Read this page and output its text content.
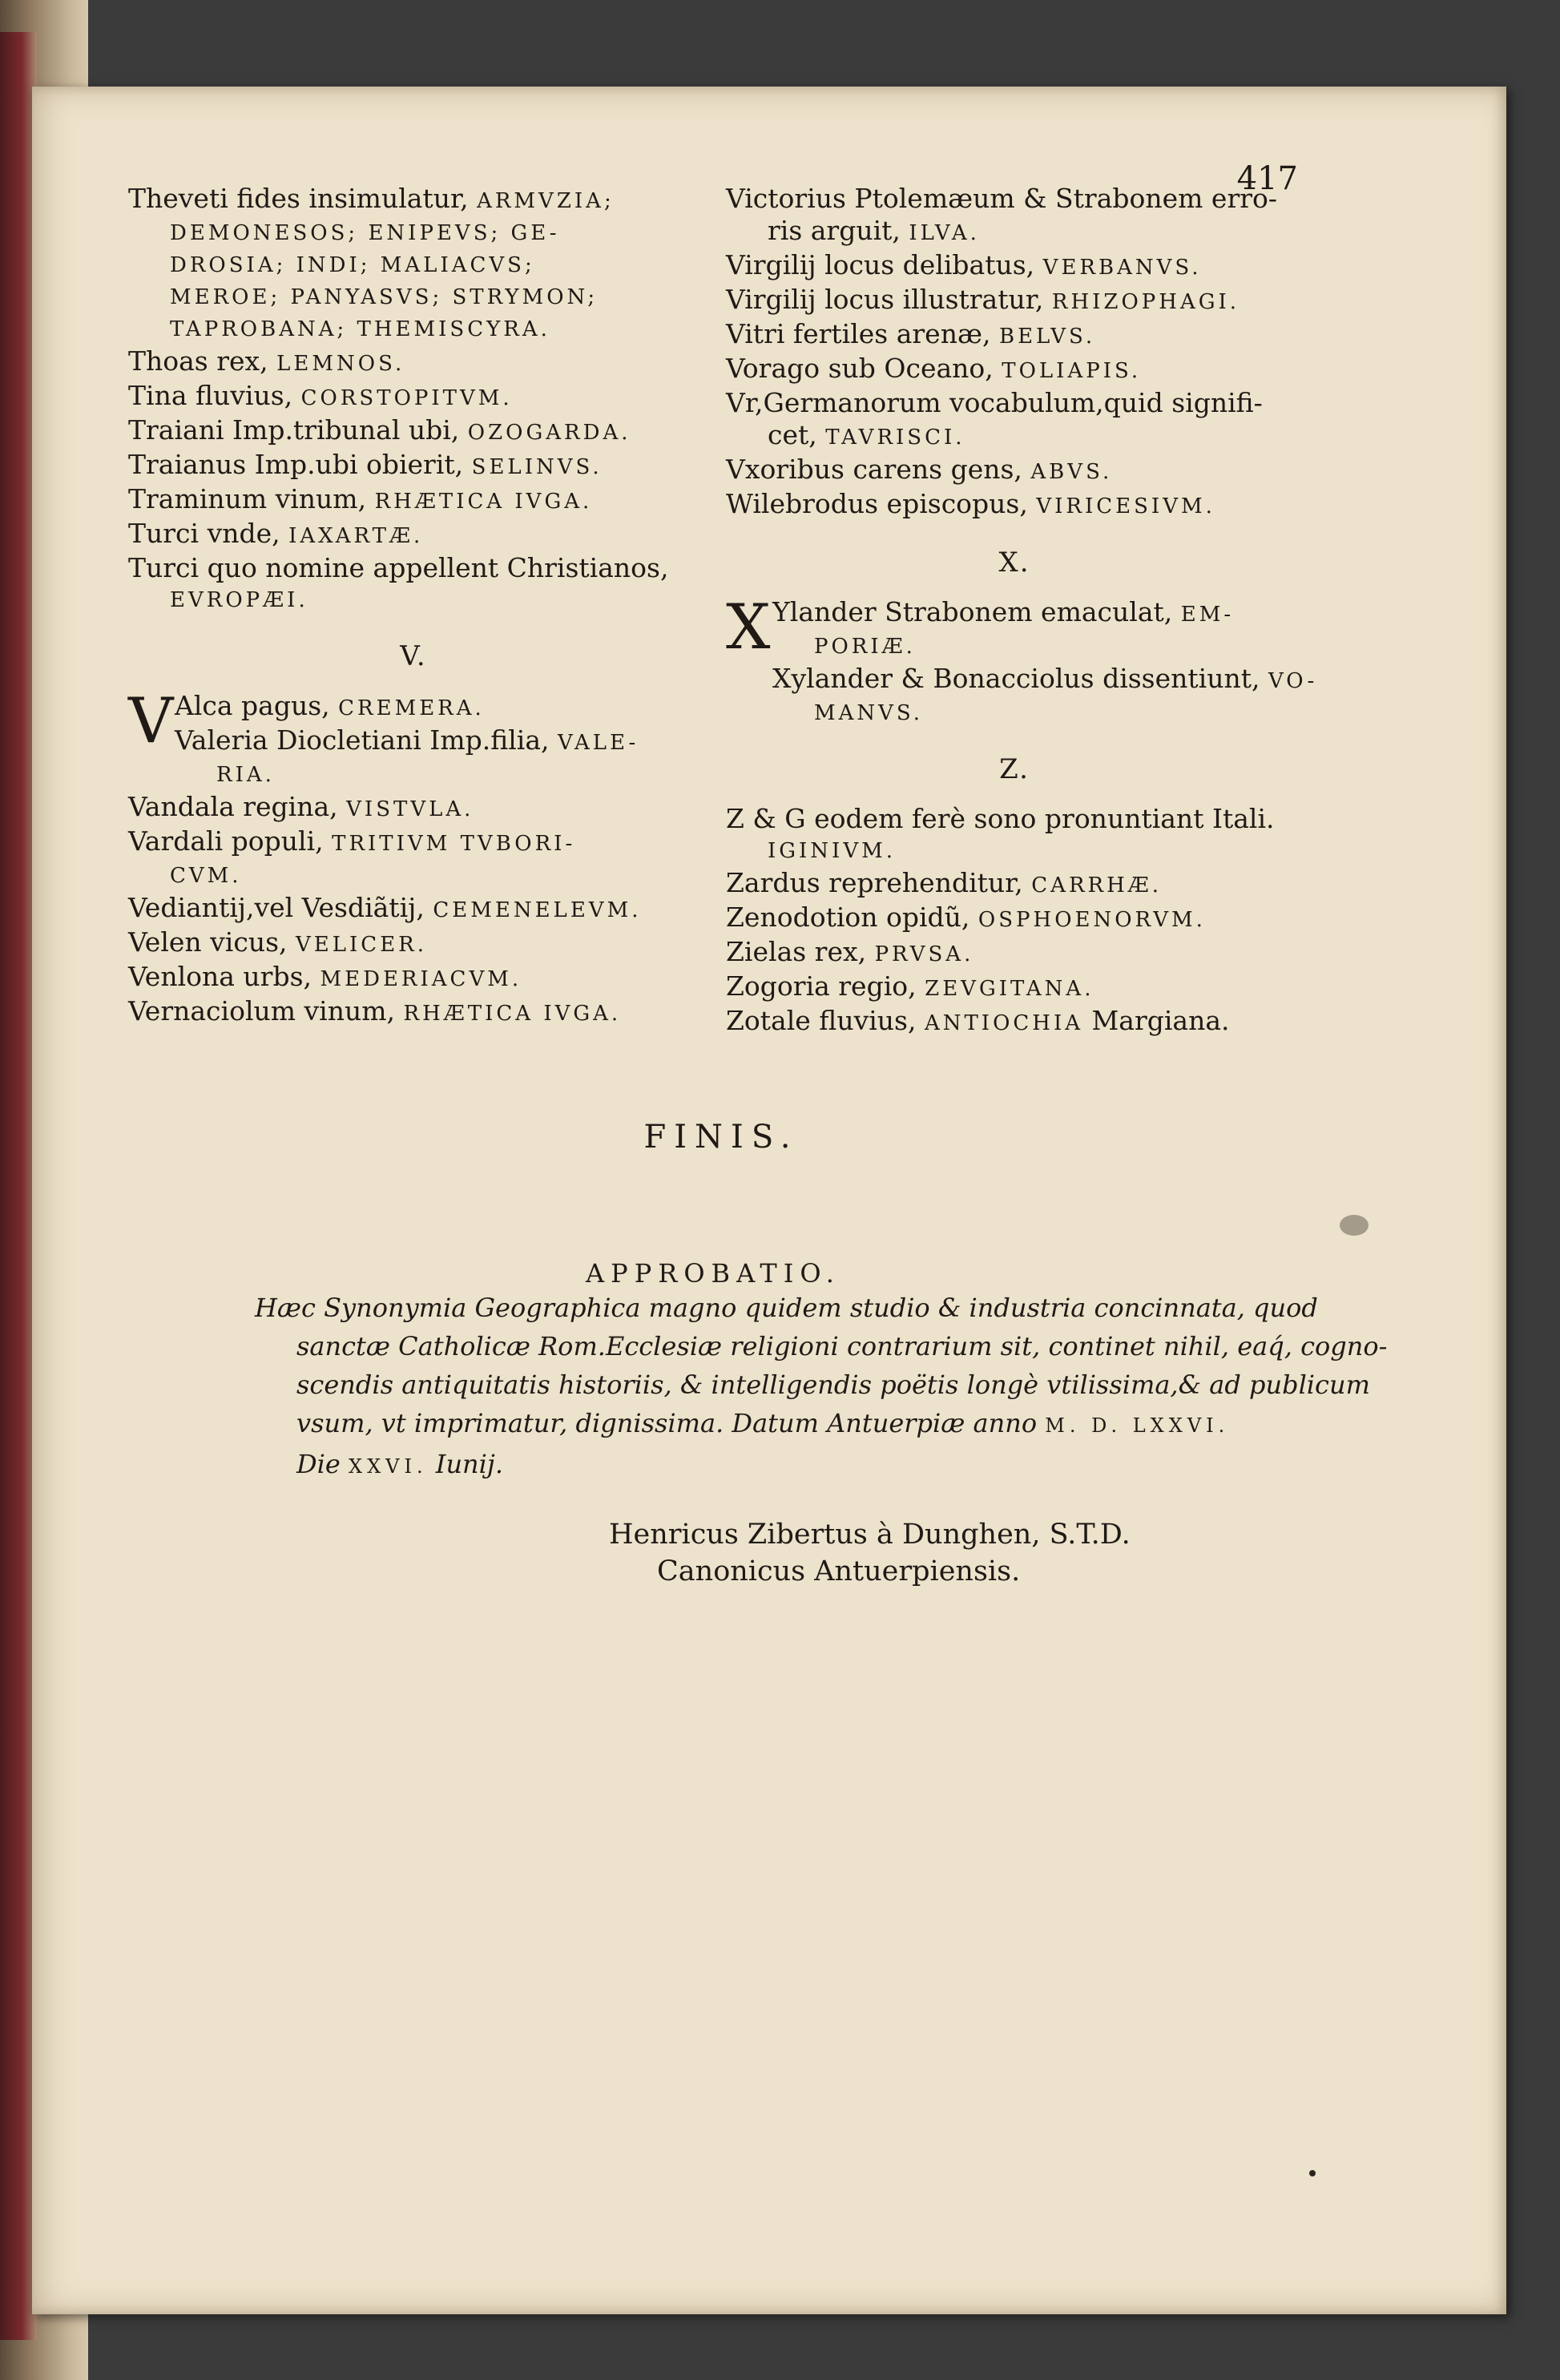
417
Theveti fides insimulatur, ARMVZIA;
DEMONESOS; ENIPEVS; GE-
DROSIA; INDI; MALIACVS;
MEROE; PANYASVS; STRYMON;
TAPROBANA; THEMISCYRA.
Thoas rex, LEMNOS.
Tina fluvius, CORSTOPITVM.
Traiani Imp.tribunal ubi, OZOGARDA.
Traianus Imp.ubi obierit, SELINVS.
Traminum vinum, RHÆTICA IVGA.
Turci vnde, IAXARTÆ.
Turci quo nomine appellent Christianos,
EVROPÆI.
V.
V Alca pagus, CREMERA.
Valeria Diocletiani Imp.filia, VALE-
RIA.
Vandala regina, VISTVLA.
Vardali populi, TRITIVM TVBORI-
CVM.
Vediantij,vel Vesdiãtij, CEMENELEVM.
Velen vicus, VELICER.
Venlona urbs, MEDERIACVM.
Vernaciolum vinum, RHÆTICA IVGA.
Victorius Ptolemæum & Strabonem erro-
ris arguit, ILVA.
Virgilij locus delibatus, VERBANVS.
Virgilij locus illustratur, RHIZOPHAGI.
Vitri fertiles arenæ, BELVS.
Vorago sub Oceano, TOLIAPIS.
Vr,Germanorum vocabulum,quid signifi-
cet, TAVRISCI.
Vxoribus carens gens, ABVS.
Wilebrodus episcopus, VIRICESIVM.
X.
X Ylander Strabonem emaculat, EM-
PORIÆ.
Xylander & Bonacciolus dissentiunt, VO-
MANVS.
Z.
Z & G eodem ferè sono pronuntiant Itali.
IGINIVM.
Zardus reprehenditur, CARRHÆ.
Zenodotion opidũ, OSPHOENORVM.
Zielas rex, PRVSA.
Zogoria regio, ZEVGITANA.
Zotale fluvius, ANTIOCHIA Margiana.
FINIS.
APPROBATIO.
Hæc Synonymia Geographica magno quidem studio & industria concinnata, quod
sanctæ Catholicæ Rom.Ecclesiæ religioni contrarium sit, continet nihil, eaq́, cogno-
scendis antiquitatis historiis, & intelligendis poëtis longè vtilissima,& ad publicum
vsum, vt imprimatur, dignissima. Datum Antuerpiæ anno M. D. LXXVI.
Die XXVI. Iunij.
Henricus Zibertus à Dunghen, S.T.D.
Canonicus Antuerpiensis.
